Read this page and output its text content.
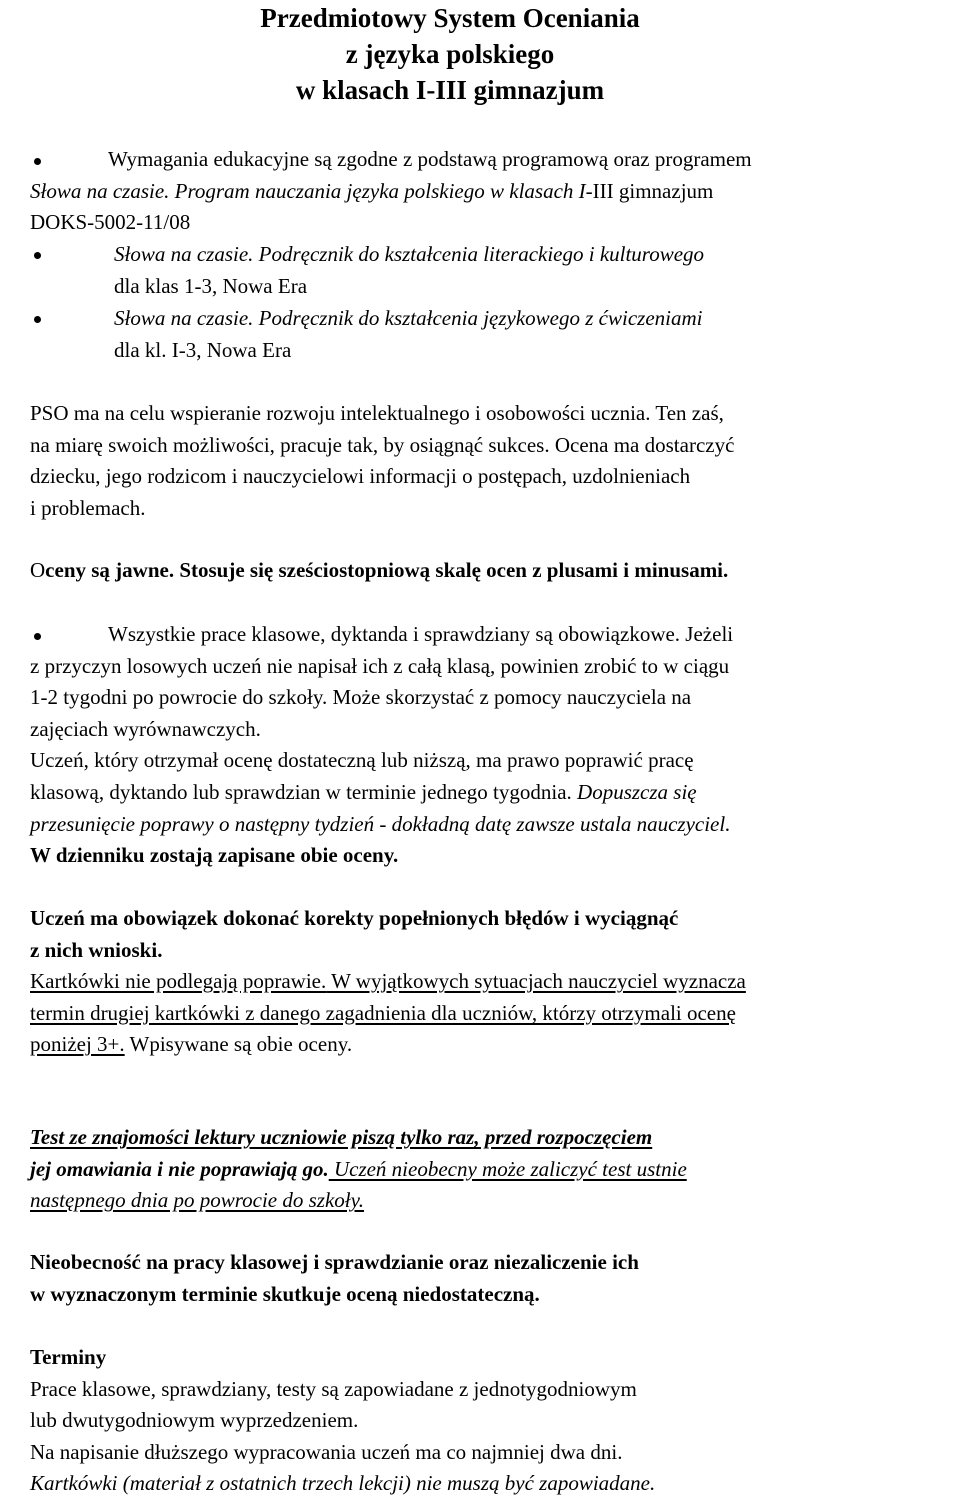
Przedmiotowy System Oceniania
z języka polskiego
w klasach I-III gimnazjum
Wymagania edukacyjne są zgodne z podstawą programową oraz programem
Słowa na czasie. Program nauczania języka polskiego w klasach I-III gimnazjum
DOKS-5002-11/08
Słowa na czasie. Podręcznik do kształcenia literackiego i kulturowego
dla klas 1-3, Nowa Era
Słowa na czasie. Podręcznik do kształcenia językowego z ćwiczeniami
dla kl. I-3, Nowa Era
PSO ma na celu wspieranie rozwoju intelektualnego i osobowości ucznia. Ten zaś,
na miarę swoich możliwości, pracuje tak, by osiągnąć sukces. Ocena ma dostarczyć
dziecku, jego rodzicom i nauczycielowi informacji o postępach, uzdolnieniach
i problemach.
Oceny są jawne. Stosuje się sześciostopniową skalę ocen z plusami i minusami.
Wszystkie prace klasowe, dyktanda i sprawdziany są obowiązkowe. Jeżeli
z przyczyn losowych uczeń nie napisał ich z całą klasą, powinien zrobić to w ciągu
1-2 tygodni po powrocie do szkoły. Może skorzystać z pomocy nauczyciela na
zajęciach wyrównawczych.
Uczeń, który otrzymał ocenę dostateczną lub niższą, ma prawo poprawić pracę
klasową, dyktando lub sprawdzian w terminie jednego tygodnia. Dopuszcza się
przesunięcie poprawy o następny tydzień - dokładną datę zawsze ustala nauczyciel.
W dzienniku zostają zapisane obie oceny.
Uczeń ma obowiązek dokonać korekty popełnionych błędów i wyciągnąć
z nich wnioski.
Kartkówki nie podlegają poprawie. W wyjątkowych sytuacjach nauczyciel wyznacza
termin drugiej kartkówki z danego zagadnienia dla uczniów, którzy otrzymali ocenę
poniżej 3+. Wpisywane są obie oceny.
Test ze znajomości lektury uczniowie piszą tylko raz, przed rozpoczęciem
jej omawiania i nie poprawiają go. Uczeń nieobecny może zaliczyć test ustnie
następnego dnia po powrocie do szkoły.
Nieobecność na pracy klasowej i sprawdzianie oraz niezaliczenie ich
w wyznaczonym terminie skutkuje oceną niedostateczną.
Terminy
Prace klasowe, sprawdziany, testy są zapowiadane z jednotygodniowym
lub dwutygodniowym wyprzedzeniem.
Na napisanie dłuższego wypracowania uczeń ma co najmniej dwa dni.
Kartkówki (materiał z ostatnich trzech lekcji) nie muszą być zapowiadane.
